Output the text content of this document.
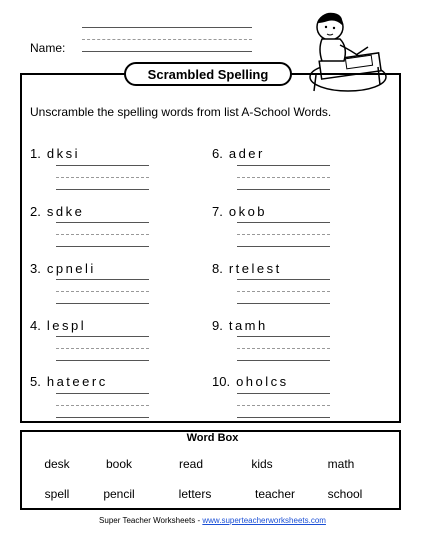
Name:
Scrambled Spelling
Unscramble the spelling words from list A-School Words.
1. dksi
2. sdke
3. cpneli
4. lespl
5. hateerc
6. ader
7. okob
8. rtelest
9. tamh
10. oholcs
Word Box
desk	book	read	kids	math
spell	pencil	letters	teacher	school
Super Teacher Worksheets - www.superteacherworksheets.com
